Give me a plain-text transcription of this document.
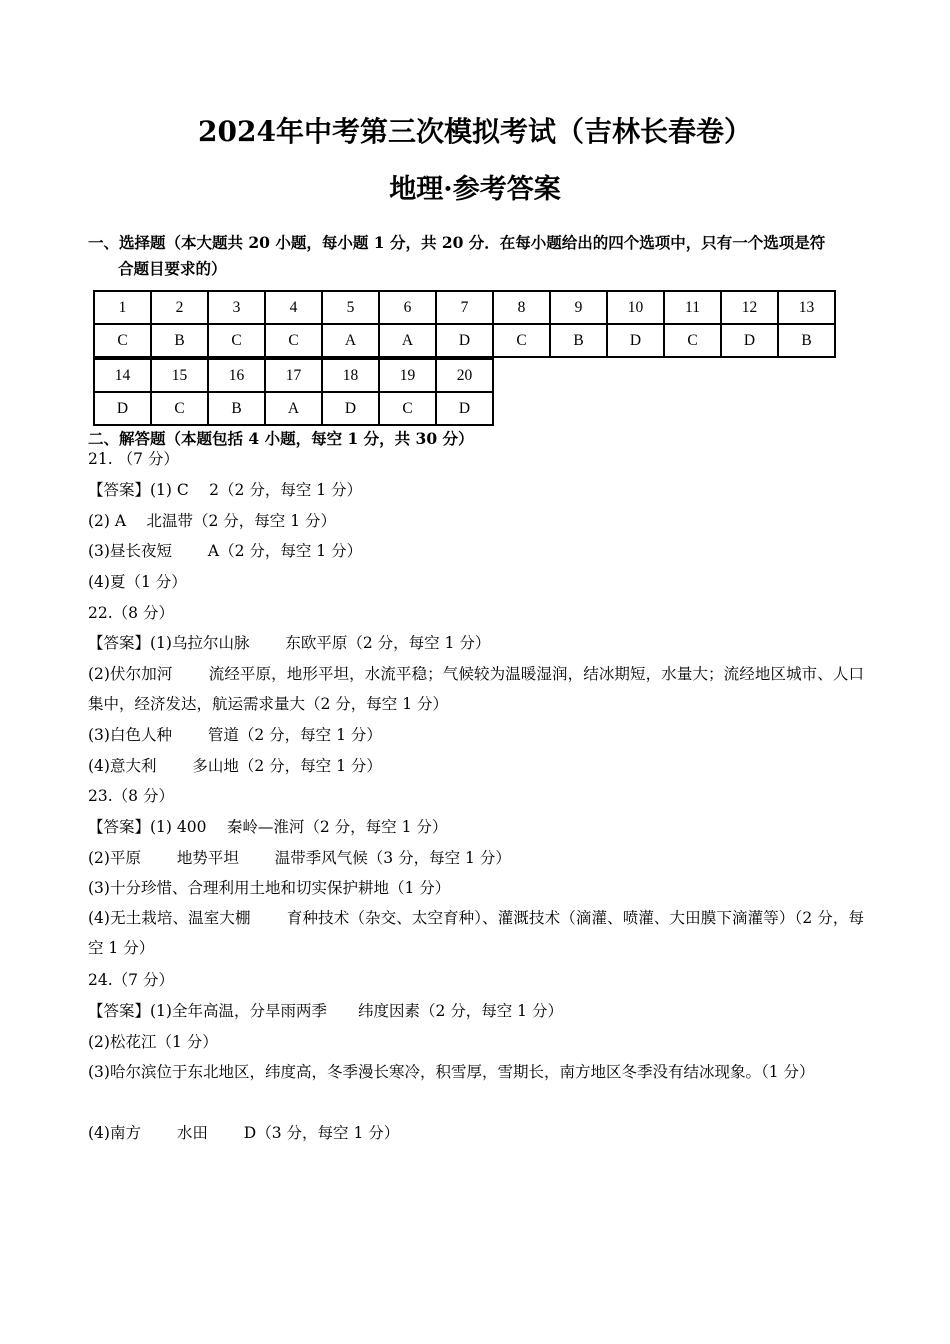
2024年中考第三次模拟考试（吉林长春卷）
地理·参考答案
一、选择题（本大题共 20 小题，每小题 1 分，共 20 分．在每小题给出的四个选项中，只有一个选项是符
合题目要求的）
1	2	3	4	5	6	7	8	9	10	11	12	13
C	B	C	C	A	A	D	C	B	D	C	D	B
14	15	16	17	18	19	20
D	C	B	A	D	C	D
二、解答题（本题包括 4 小题，每空 1 分，共 30 分）
21. （7 分）
【答案】(1) C　 2（2 分，每空 1 分）
(2) A　 北温带（2 分，每空 1 分）
(3)昼长夜短　　 A（2 分，每空 1 分）
(4)夏（1 分）
22.（8 分）
【答案】(1)乌拉尔山脉　　 东欧平原（2 分，每空 1 分）
(2)伏尔加河　　 流经平原，地形平坦，水流平稳；气候较为温暖湿润，结冰期短，水量大；流经地区城市、人口集中，经济发达，航运需求量大（2 分，每空 1 分）
(3)白色人种　　 管道（2 分，每空 1 分）
(4)意大利　　 多山地（2 分，每空 1 分）
23.（8 分）
【答案】(1) 400　 秦岭—淮河（2 分，每空 1 分）
(2)平原　　 地势平坦　　 温带季风气候（3 分，每空 1 分）
(3)十分珍惜、合理利用土地和切实保护耕地（1 分）
(4)无土栽培、温室大棚　　 育种技术（杂交、太空育种）、灌溉技术（滴灌、喷灌、大田膜下滴灌等）（2 分，每空 1 分）
24.（7 分）
【答案】(1)全年高温，分旱雨两季　　纬度因素（2 分，每空 1 分）
(2)松花江（1 分）
(3)哈尔滨位于东北地区，纬度高，冬季漫长寒冷，积雪厚，雪期长，南方地区冬季没有结冰现象。（1 分）
(4)南方　　 水田　　 D（3 分，每空 1 分）
